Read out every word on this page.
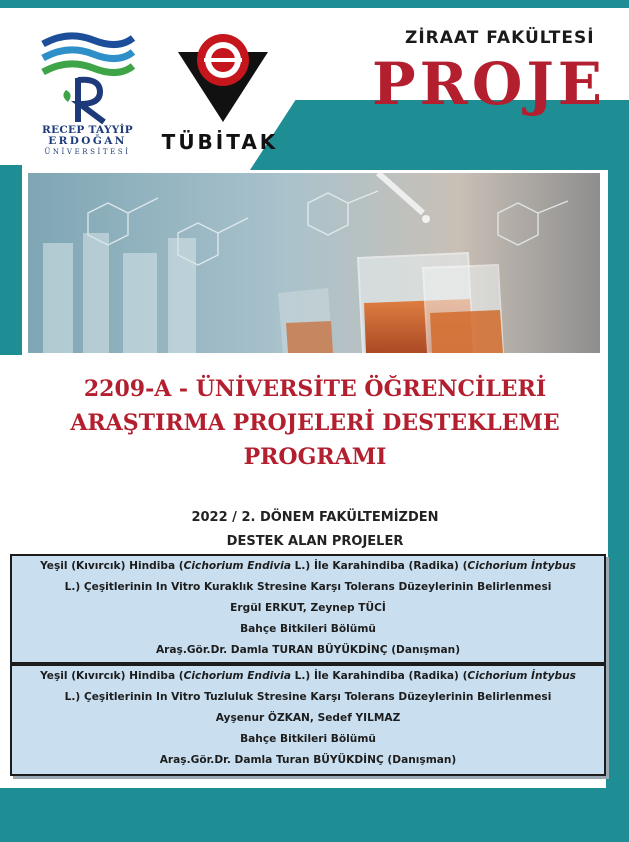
RECEP TAYYİP
ERDOĞAN
ÜNİVERSİTESİ	TÜBİTAK
ZİRAAT FAKÜLTESİ
PROJE
2209-A - ÜNİVERSİTE ÖĞRENCİLERİ
ARAŞTIRMA PROJELERİ DESTEKLEME
PROGRAMI
2022 / 2. DÖNEM FAKÜLTEMİZDEN
DESTEK ALAN PROJELER
Yeşil (Kıvırcık) Hindiba (Cichorium Endivia L.) İle Karahindiba (Radika) (Cichorium İntybus
L.) Çeşitlerinin In Vitro Kuraklık Stresine Karşı Tolerans Düzeylerinin Belirlenmesi
Ergül ERKUT, Zeynep TÜCİ
Bahçe Bitkileri Bölümü
Araş.Gör.Dr. Damla TURAN BÜYÜKDİNÇ (Danışman)
Yeşil (Kıvırcık) Hindiba (Cichorium Endivia L.) İle Karahindiba (Radika) (Cichorium İntybus
L.) Çeşitlerinin In Vitro Tuzluluk Stresine Karşı Tolerans Düzeylerinin Belirlenmesi
Ayşenur ÖZKAN, Sedef YILMAZ
Bahçe Bitkileri Bölümü
Araş.Gör.Dr. Damla Turan BÜYÜKDİNÇ (Danışman)
